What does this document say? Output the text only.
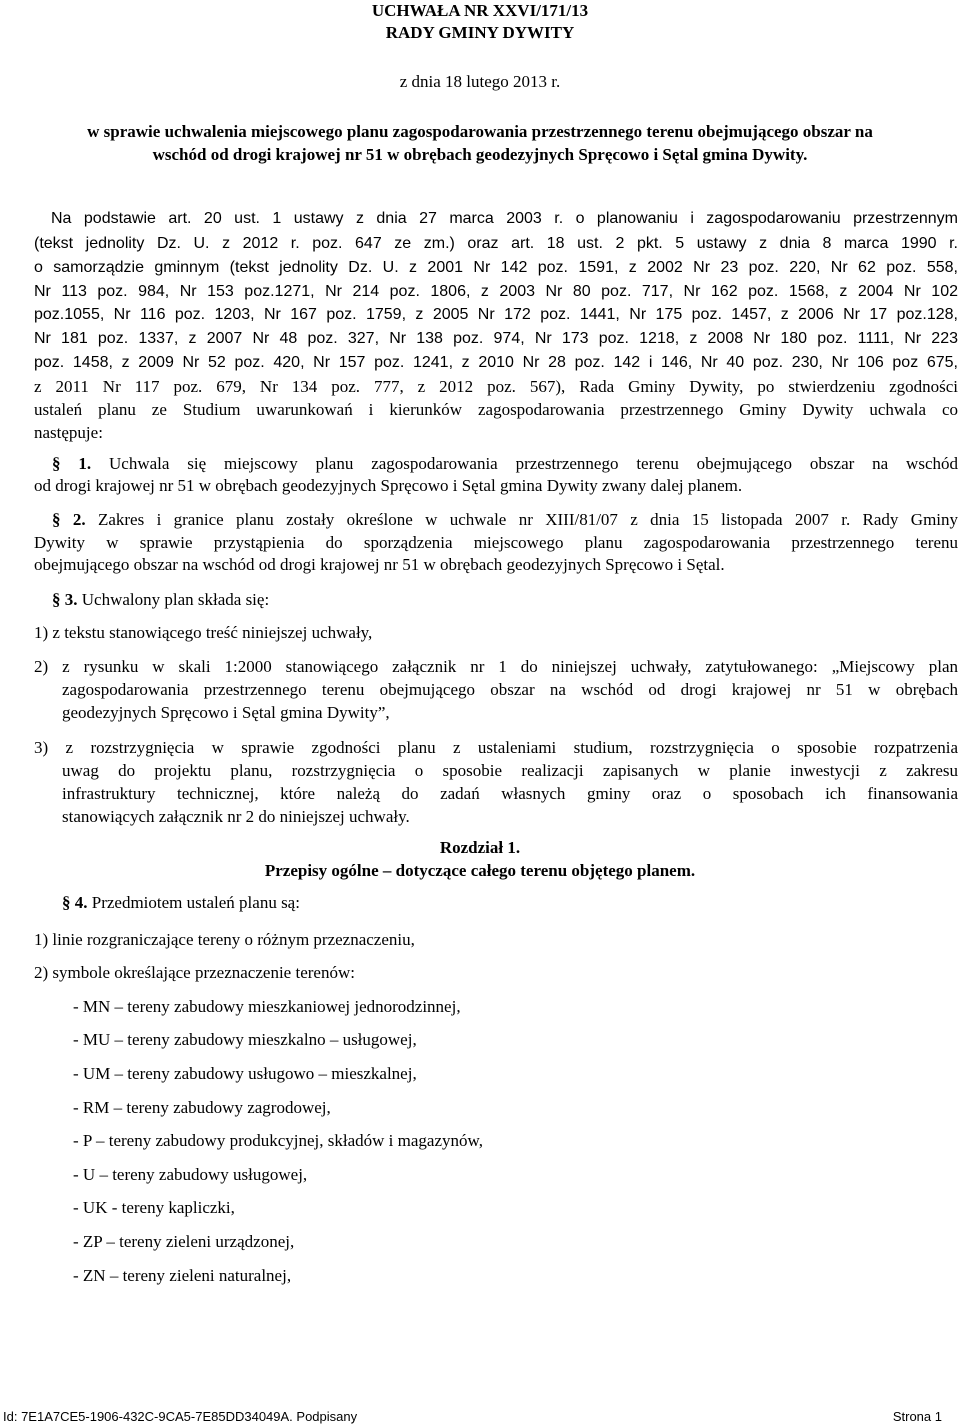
UCHWAŁA NR XXVI/171/13
RADY GMINY DYWITY
z dnia 18 lutego 2013 r.
w sprawie uchwalenia miejscowego planu zagospodarowania przestrzennego terenu obejmującego obszar na
wschód od drogi krajowej nr 51 w obrębach geodezyjnych Spręcowo i Sętal gmina Dywity.
Na podstawie art. 20 ust. 1 ustawy z dnia 27 marca 2003 r. o planowaniu i zagospodarowaniu przestrzennym
(tekst jednolity Dz. U. z 2012 r. poz. 647 ze zm.) oraz art. 18 ust. 2 pkt. 5 ustawy z dnia 8 marca 1990 r.
o samorządzie gminnym (tekst jednolity Dz. U. z 2001 Nr 142 poz. 1591, z 2002 Nr 23 poz. 220, Nr 62 poz. 558,
Nr 113 poz. 984, Nr 153 poz.1271, Nr 214 poz. 1806, z 2003 Nr 80 poz. 717, Nr 162 poz. 1568, z 2004 Nr 102
poz.1055, Nr 116 poz. 1203, Nr 167 poz. 1759, z 2005 Nr 172 poz. 1441, Nr 175 poz. 1457, z 2006 Nr 17 poz.128,
Nr 181 poz. 1337, z 2007 Nr 48 poz. 327, Nr 138 poz. 974, Nr 173 poz. 1218, z 2008 Nr 180 poz. 1111, Nr 223
poz. 1458, z 2009 Nr 52 poz. 420, Nr 157 poz. 1241, z 2010 Nr 28 poz. 142 i 146, Nr 40 poz. 230, Nr 106 poz 675,
z 2011 Nr 117 poz. 679, Nr 134 poz. 777, z 2012 poz. 567), Rada Gminy Dywity, po stwierdzeniu zgodności
ustaleń planu ze Studium uwarunkowań i kierunków zagospodarowania przestrzennego Gminy Dywity uchwala co
następuje:
§ 1. Uchwala się miejscowy planu zagospodarowania przestrzennego terenu obejmującego obszar na wschód
od drogi krajowej nr 51 w obrębach geodezyjnych Spręcowo i Sętal gmina Dywity zwany dalej planem.
§ 2. Zakres i granice planu zostały określone w uchwale nr XIII/81/07 z dnia 15 listopada 2007 r. Rady Gminy
Dywity w sprawie przystąpienia do sporządzenia miejscowego planu zagospodarowania przestrzennego terenu
obejmującego obszar na wschód od drogi krajowej nr 51 w obrębach geodezyjnych Spręcowo i Sętal.
§ 3. Uchwalony plan składa się:
1) z tekstu stanowiącego treść niniejszej uchwały,
2) z rysunku w skali 1:2000 stanowiącego załącznik nr 1 do niniejszej uchwały, zatytułowanego: „Miejscowy plan
zagospodarowania przestrzennego terenu obejmującego obszar na wschód od drogi krajowej nr 51 w obrębach
geodezyjnych Spręcowo i Sętal gmina Dywity”,
3) z rozstrzygnięcia w sprawie zgodności planu z ustaleniami studium, rozstrzygnięcia o sposobie rozpatrzenia
uwag do projektu planu, rozstrzygnięcia o sposobie realizacji zapisanych w planie inwestycji z zakresu
infrastruktury technicznej, które należą do zadań własnych gminy oraz o sposobach ich finansowania
stanowiących załącznik nr 2 do niniejszej uchwały.
Rozdział 1.
Przepisy ogólne – dotyczące całego terenu objętego planem.
§ 4. Przedmiotem ustaleń planu są:
1) linie rozgraniczające tereny o różnym przeznaczeniu,
2) symbole określające przeznaczenie terenów:
- MN – tereny zabudowy mieszkaniowej jednorodzinnej,
- MU – tereny zabudowy mieszkalno – usługowej,
- UM – tereny zabudowy usługowo – mieszkalnej,
- RM – tereny zabudowy zagrodowej,
- P – tereny zabudowy produkcyjnej, składów i magazynów,
- U – tereny zabudowy usługowej,
- UK - tereny kapliczki,
- ZP – tereny zieleni urządzonej,
- ZN – tereny zieleni naturalnej,
Id: 7E1A7CE5-1906-432C-9CA5-7E85DD34049A. Podpisany	Strona 1
